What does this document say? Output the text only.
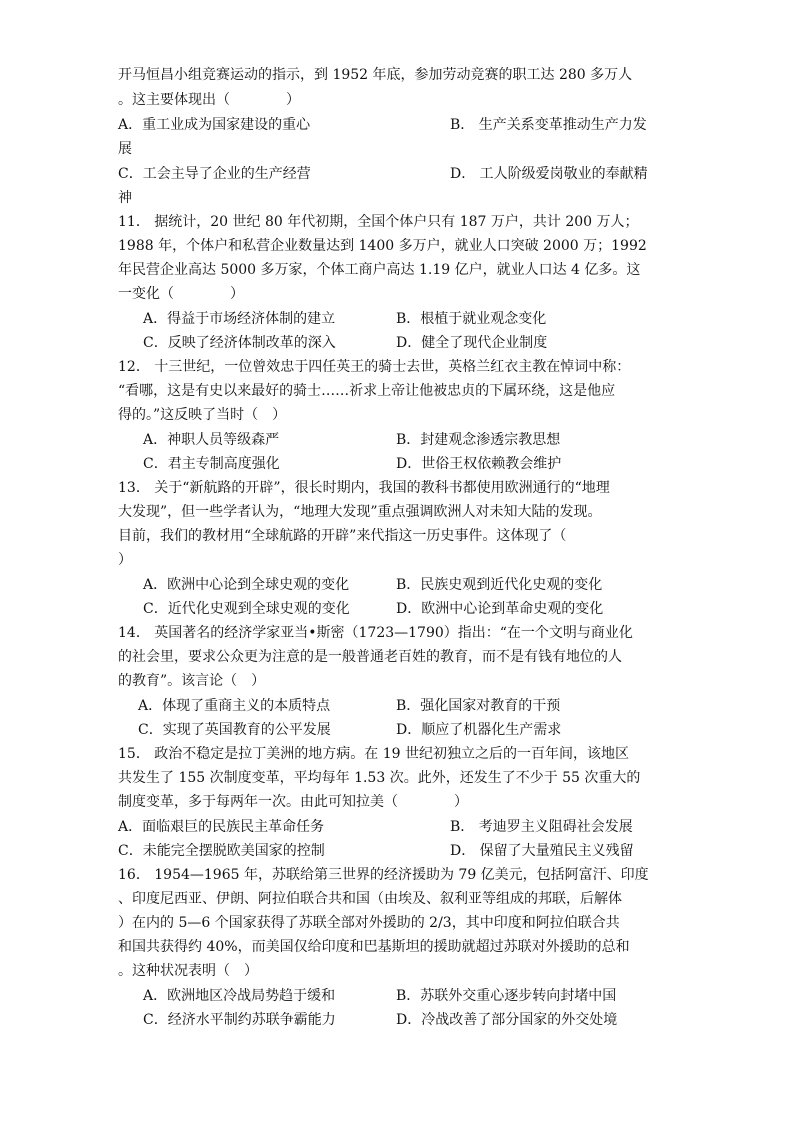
开马恒昌小组竞赛运动的指示，到 1952 年底，参加劳动竞赛的职工达 280 多万人
。这主要体现出（　　　　）
A．重工业成为国家建设的重心	B． 生产关系变革推动生产力发
展
C．工会主导了企业的生产经营	D． 工人阶级爱岗敬业的奉献精
神
11． 据统计，20 世纪 80 年代初期，全国个体户只有 187 万户，共计 200 万人；
1988 年，个体户和私营企业数量达到 1400 多万户，就业人口突破 2000 万；1992
年民营企业高达 5000 多万家，个体工商户高达 1.19 亿户，就业人口达 4 亿多。这
一变化（　　　　）
A．得益于市场经济体制的建立	B．根植于就业观念变化
C．反映了经济体制改革的深入	D．健全了现代企业制度
12． 十三世纪，一位曾效忠于四任英王的骑士去世，英格兰红衣主教在悼词中称：
“看哪，这是有史以来最好的骑士……祈求上帝让他被忠贞的下属环绕，这是他应
得的。”这反映了当时（　）
A．神职人员等级森严	B．封建观念渗透宗教思想
C．君主专制高度强化	D．世俗王权依赖教会维护
13． 关于“新航路的开辟”，很长时期内，我国的教科书都使用欧洲通行的“地理
大发现”，但一些学者认为，“地理大发现”重点强调欧洲人对未知大陆的发现。
目前，我们的教材用“全球航路的开辟”来代指这一历史事件。这体现了（
）
A．欧洲中心论到全球史观的变化	B．民族史观到近代化史观的变化
C．近代化史观到全球史观的变化	D．欧洲中心论到革命史观的变化
14． 英国著名的经济学家亚当•斯密（1723—1790）指出：“在一个文明与商业化
的社会里，要求公众更为注意的是一般普通老百姓的教育，而不是有钱有地位的人
的教育”。该言论（　）
A．体现了重商主义的本质特点	B．强化国家对教育的干预
C．实现了英国教育的公平发展	D．顺应了机器化生产需求
15． 政治不稳定是拉丁美洲的地方病。在 19 世纪初独立之后的一百年间，该地区
共发生了 155 次制度变革，平均每年 1.53 次。此外，还发生了不少于 55 次重大的
制度变革，多于每两年一次。由此可知拉美（　　　　）
A．面临艰巨的民族民主革命任务	B． 考迪罗主义阻碍社会发展
C．未能完全摆脱欧美国家的控制	D． 保留了大量殖民主义残留
16． 1954—1965 年，苏联给第三世界的经济援助为 79 亿美元，包括阿富汗、印度
、印度尼西亚、伊朗、阿拉伯联合共和国（由埃及、叙利亚等组成的邦联，后解体
）在内的 5—6 个国家获得了苏联全部对外援助的 2/3，其中印度和阿拉伯联合共
和国共获得约 40%，而美国仅给印度和巴基斯坦的援助就超过苏联对外援助的总和
。这种状况表明（　）
A．欧洲地区冷战局势趋于缓和	B．苏联外交重心逐步转向封堵中国
C．经济水平制约苏联争霸能力	D．冷战改善了部分国家的外交处境
